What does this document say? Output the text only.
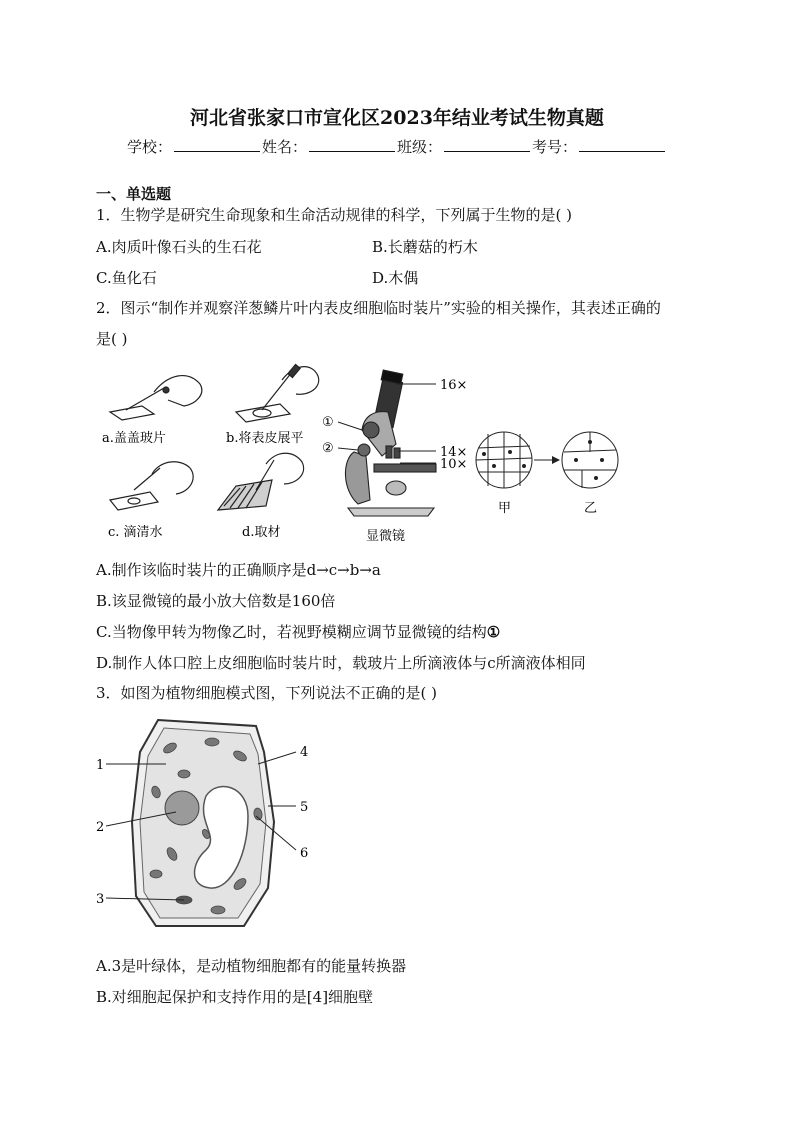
河北省张家口市宣化区2023年结业考试生物真题
学校：	姓名：	班级：	考号：
一、单选题
1．生物学是研究生命现象和生命活动规律的科学，下列属于生物的是( )
A.肉质叶像石头的生石花	B.长蘑菇的朽木
C.鱼化石	D.木偶
2．图示“制作并观察洋葱鳞片叶内表皮细胞临时装片”实验的相关操作，其表述正确的
是( )
a.盖盖玻片	b.将表皮展平
c. 滴清水	d.取材
①
②
16×
14×
10×
显微镜
甲	乙
A.制作该临时装片的正确顺序是d→c→b→a
B.该显微镜的最小放大倍数是160倍
C.当物像甲转为物像乙时，若视野模糊应调节显微镜的结构①
D.制作人体口腔上皮细胞临时装片时，载玻片上所滴液体与c所滴液体相同
3．如图为植物细胞模式图，下列说法不正确的是( )
1
2
3
4
5
6
A.3是叶绿体，是动植物细胞都有的能量转换器
B.对细胞起保护和支持作用的是[4]细胞壁
